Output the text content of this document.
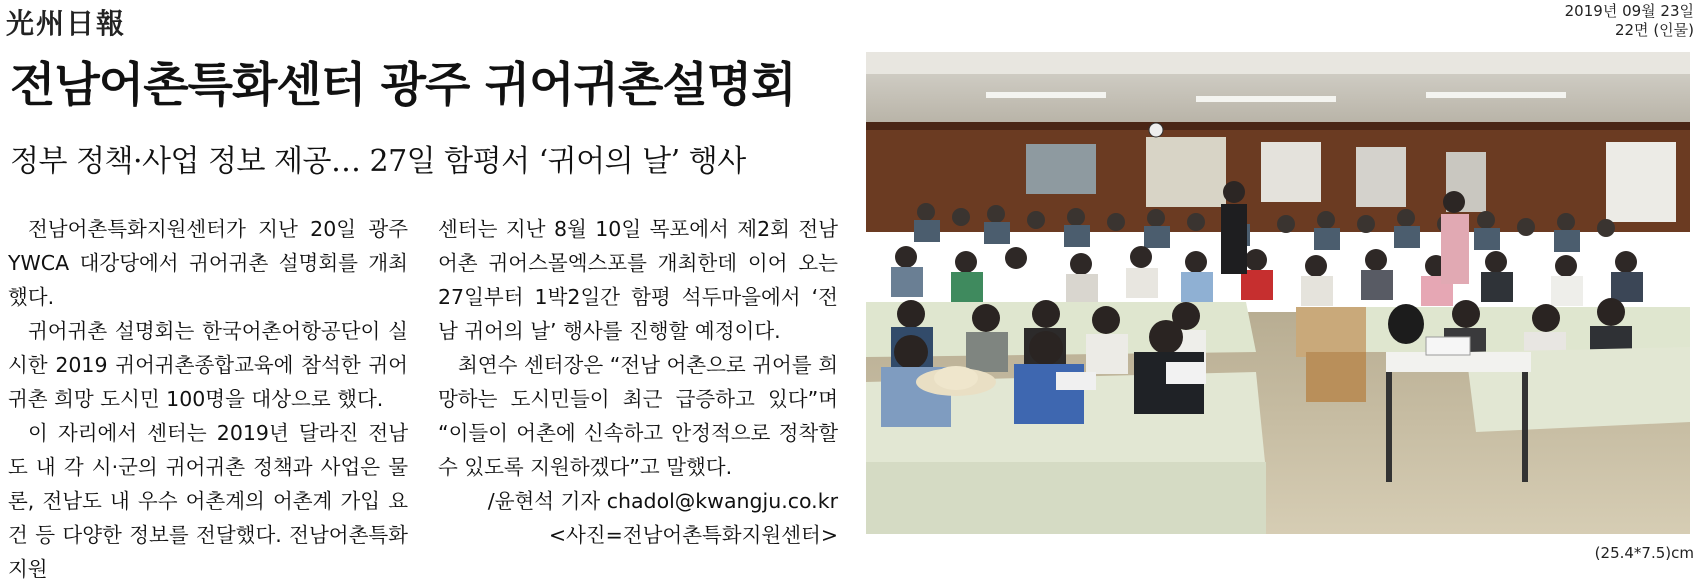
光州日報	2019년 09월 23일
22면 (인물)
전남어촌특화센터 광주 귀어귀촌설명회
정부 정책·사업 정보 제공… 27일 함평서 ‘귀어의 날’ 행사

전남어촌특화지원센터가 지난 20일 광주 YWCA 대강당에서 귀어귀촌 설명회를 개최했다.

귀어귀촌 설명회는 한국어촌어항공단이 실시한 2019 귀어귀촌종합교육에 참석한 귀어 귀촌 희망 도시민 100명을 대상으로 했다.

이 자리에서 센터는 2019년 달라진 전남도 내 각 시·군의 귀어귀촌 정책과 사업은 물론, 전남도 내 우수 어촌계의 어촌계 가입 요건 등 다양한 정보를 전달했다. 전남어촌특화지원

센터는 지난 8월 10일 목포에서 제2회 전남어촌 귀어스몰엑스포를 개최한데 이어 오는 27일부터 1박2일간 함평 석두마을에서 ‘전남 귀어의 날’ 행사를 진행할 예정이다.

최연수 센터장은 “전남 어촌으로 귀어를 희망하는 도시민들이 최근 급증하고 있다”며 “이들이 어촌에 신속하고 안정적으로 정착할 수 있도록 지원하겠다”고 말했다.

/윤현석 기자 chadol@kwangju.co.kr
<사진=전남어촌특화지원센터>
(25.4*7.5)cm
